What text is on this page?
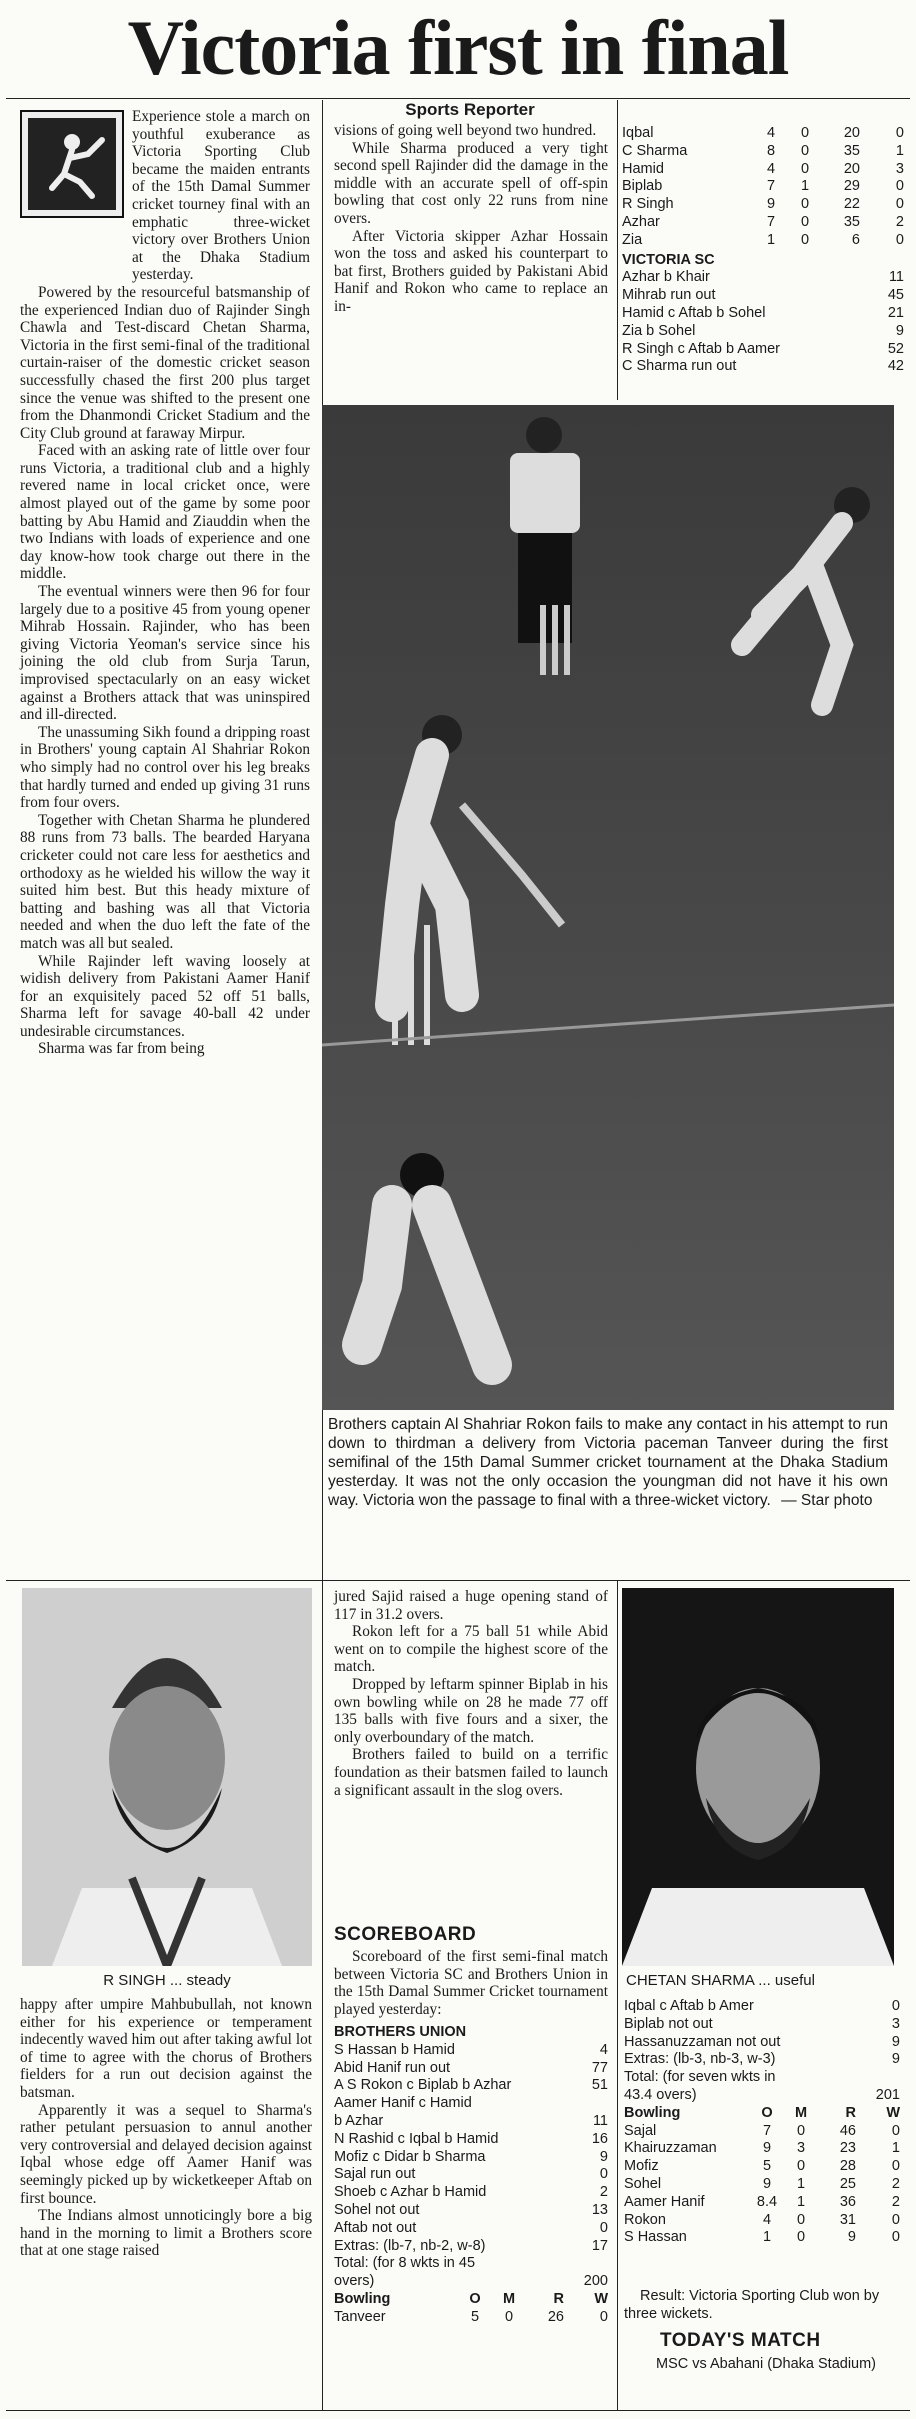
Victoria first in final

Experience stole a march on youthful exuberance as Victoria Sporting Club became the maiden entrants of the 15th Damal Summer cricket tourney final with an emphatic three-wicket victory over Brothers Union at the Dhaka Stadium yesterday.

Powered by the resourceful batsmanship of the experienced Indian duo of Rajinder Singh Chawla and Test-discard Chetan Sharma, Victoria in the first semi-final of the traditional curtain-raiser of the domestic cricket season successfully chased the first 200 plus target since the venue was shifted to the present one from the Dhanmondi Cricket Stadium and the City Club ground at faraway Mirpur.

Faced with an asking rate of little over four runs Victoria, a traditional club and a highly revered name in local cricket once, were almost played out of the game by some poor batting by Abu Hamid and Ziauddin when the two Indians with loads of experience and one day know-how took charge out there in the middle.

The eventual winners were then 96 for four largely due to a positive 45 from young opener Mihrab Hossain. Rajinder, who has been giving Victoria Yeoman's service since his joining the old club from Surja Tarun, improvised spectacularly on an easy wicket against a Brothers attack that was uninspired and ill-directed.

The unassuming Sikh found a dripping roast in Brothers' young captain Al Shahriar Rokon who simply had no control over his leg breaks that hardly turned and ended up giving 31 runs from four overs.

Together with Chetan Sharma he plundered 88 runs from 73 balls. The bearded Haryana cricketer could not care less for aesthetics and orthodoxy as he wielded his willow the way it suited him best. But this heady mixture of batting and bashing was all that Victoria needed and when the duo left the fate of the match was all but sealed.

While Rajinder left waving loosely at widish delivery from Pakistani Aamer Hanif for an exquisitely paced 52 off 51 balls, Sharma left for savage 40-ball 42 under undesirable circumstances.

Sharma was far from being

Sports Reporter

visions of going well beyond two hundred.

While Sharma produced a very tight second spell Rajinder did the damage in the middle with an accurate spell of off-spin bowling that cost only 22 runs from nine overs.

After Victoria skipper Azhar Hossain won the toss and asked his counterpart to bat first, Brothers guided by Pakistani Abid Hanif and Rokon who came to replace an in-

Iqbal	4	0	20	0
C Sharma	8	0	35	1
Hamid	4	0	20	3
Biplab	7	1	29	0
R Singh	9	0	22	0
Azhar	7	0	35	2
Zia	1	0	6	0
VICTORIA SC
Azhar b Khair	11
Mihrab run out	45
Hamid c Aftab b Sohel	21
Zia b Sohel	9
R Singh c Aftab b Aamer	52
C Sharma run out	42
Brothers captain Al Shahriar Rokon fails to make any contact in his attempt to run down to thirdman a delivery from Victoria paceman Tanveer during the first semifinal of the 15th Damal Summer cricket tournament at the Dhaka Stadium yesterday. It was not the only occasion the youngman did not have it his own way. Victoria won the passage to final with a three-wicket victory. — Star photo
R SINGH ... steady

happy after umpire Mahbubullah, not known either for his experience or temperament indecently waved him out after taking awful lot of time to agree with the chorus of Brothers fielders for a run out decision against the batsman.

Apparently it was a sequel to Sharma's rather petulant persuasion to annul another very controversial and delayed decision against Iqbal whose edge off Aamer Hanif was seemingly picked up by wicketkeeper Aftab on first bounce.

The Indians almost unnoticingly bore a big hand in the morning to limit a Brothers score that at one stage raised

jured Sajid raised a huge opening stand of 117 in 31.2 overs.

Rokon left for a 75 ball 51 while Abid went on to compile the highest score of the match.

Dropped by leftarm spinner Biplab in his own bowling while on 28 he made 77 off 135 balls with five fours and a sixer, the only overboundary of the match.

Brothers failed to build on a terrific foundation as their batsmen failed to launch a significant assault in the slog overs.

SCOREBOARD

Scoreboard of the first semi-final match between Victoria SC and Brothers Union in the 15th Damal Summer Cricket tournament played yesterday:

BROTHERS UNION
S Hassan b Hamid	4
Abid Hanif run out	77
A S Rokon c Biplab b Azhar	51
Aamer Hanif c Hamid
b Azhar	11
N Rashid c Iqbal b Hamid	16
Mofiz c Didar b Sharma	9
Sajal run out	0
Shoeb c Azhar b Hamid	2
Sohel not out	13
Aftab not out	0
Extras: (lb-7, nb-2, w-8)	17
Total: (for 8 wkts in 45
overs)	200
Bowling	O	M	R	W
Tanveer	5	0	26	0
CHETAN SHARMA ... useful
Iqbal c Aftab b Amer	0
Biplab not out	3
Hassanuzzaman not out	9
Extras: (lb-3, nb-3, w-3)	9
Total: (for seven wkts in
43.4 overs)	201
Bowling	O	M	R	W
Sajal	7	0	46	0
Khairuzzaman	9	3	23	1
Mofiz	5	0	28	0
Sohel	9	1	25	2
Aamer Hanif	8.4	1	36	2
Rokon	4	0	31	0
S Hassan	1	0	9	0
Result: Victoria Sporting Club won by three wickets.
TODAY'S MATCH
MSC vs Abahani (Dhaka Stadium)
